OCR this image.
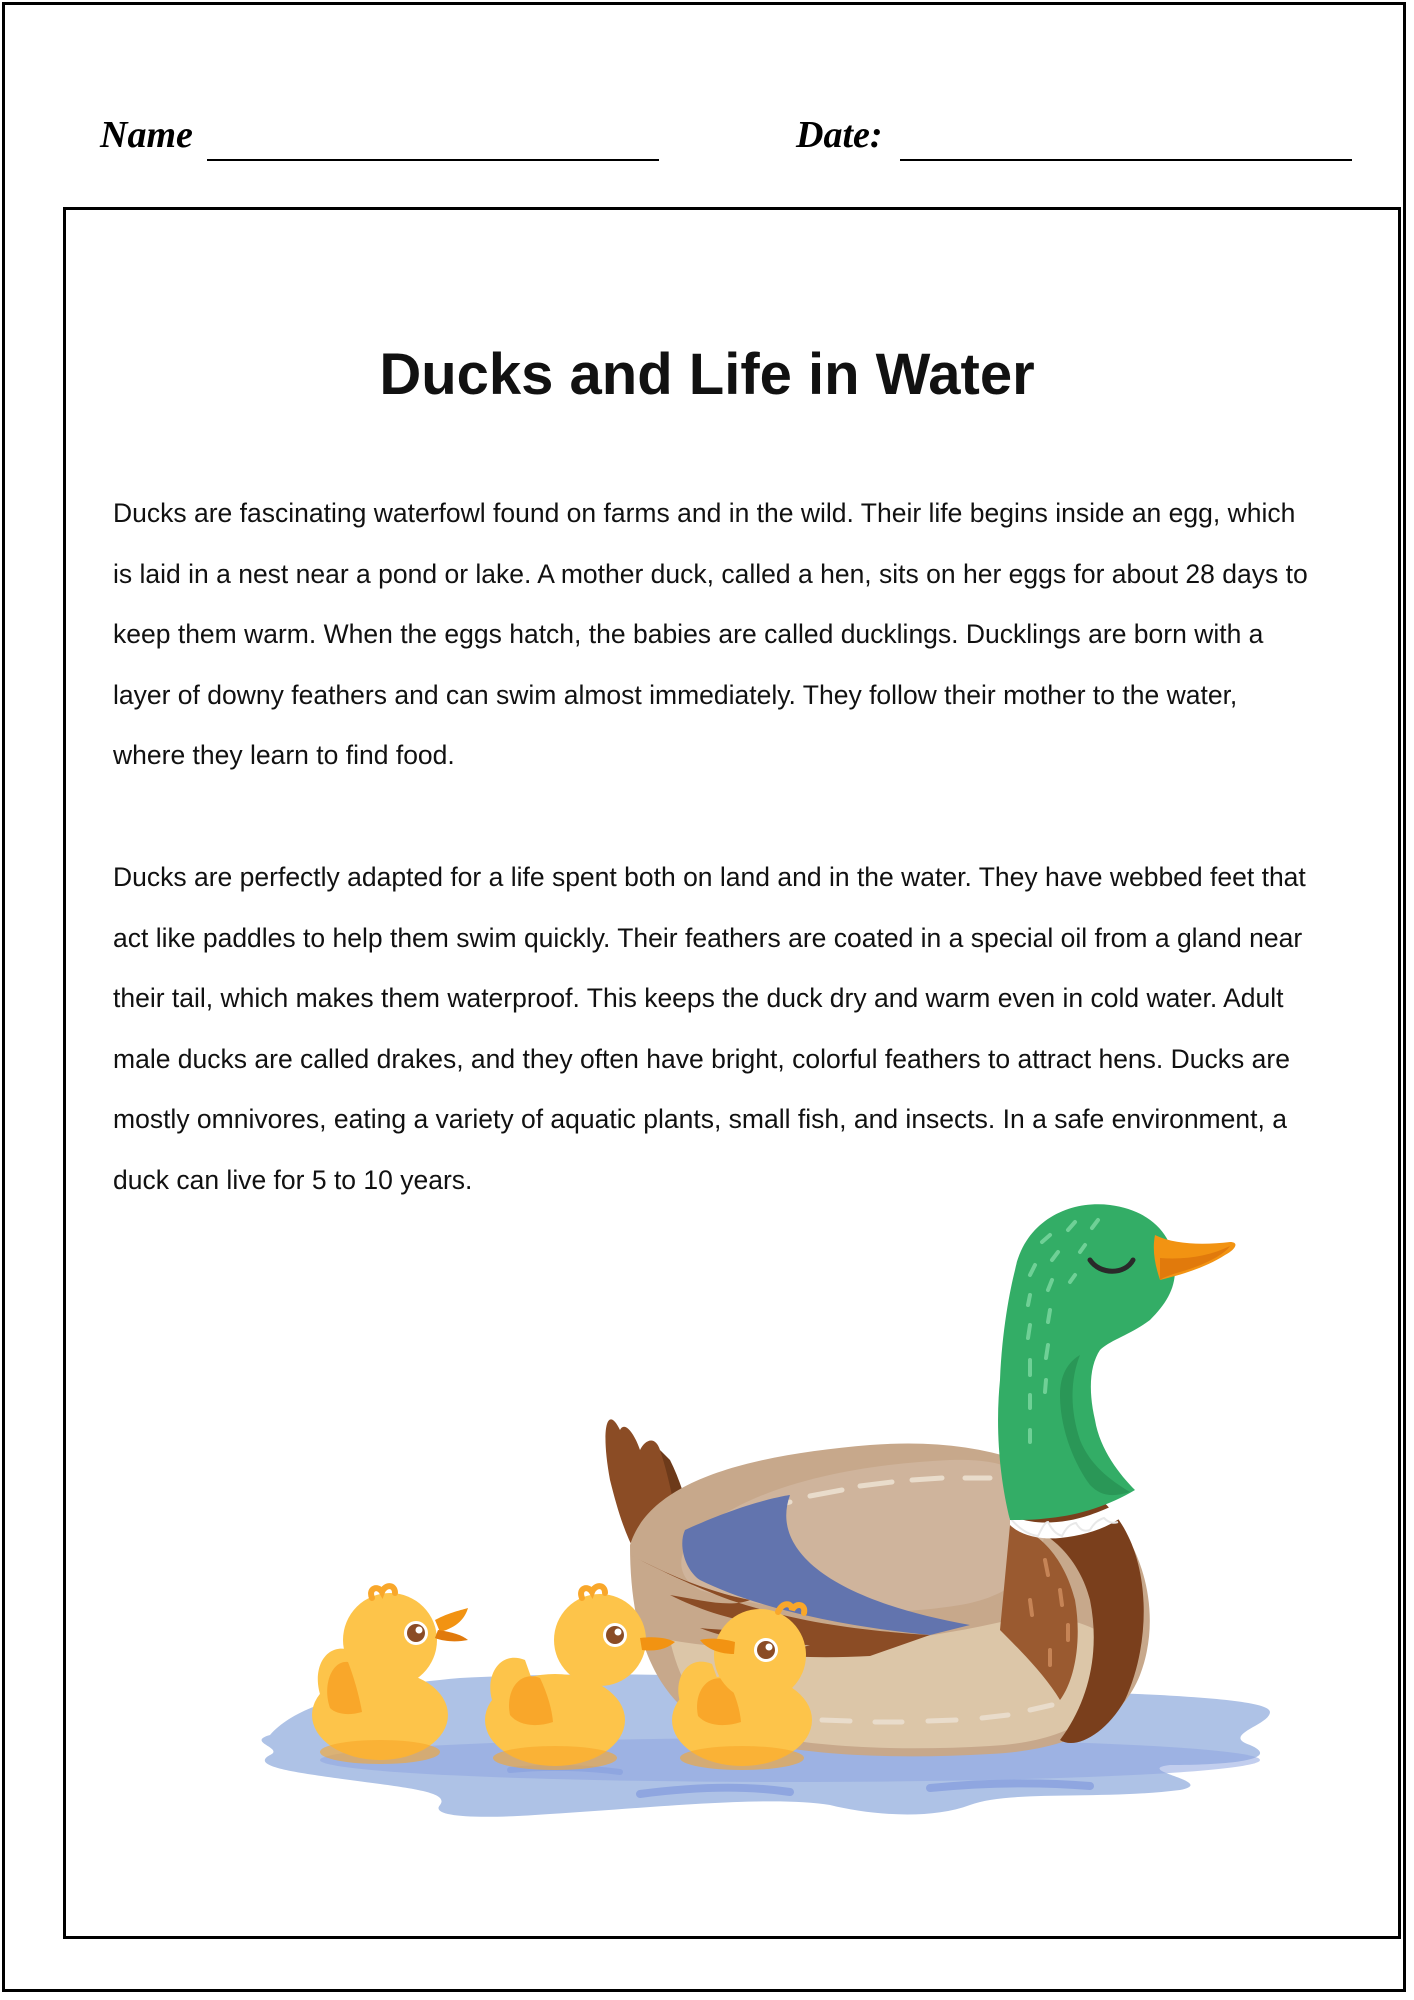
Name	Date:
Ducks and Life in Water

Ducks are fascinating waterfowl found on farms and in the wild. Their life begins inside an egg, which is laid in a nest near a pond or lake. A mother duck, called a hen, sits on her eggs for about 28 days to keep them warm. When the eggs hatch, the babies are called ducklings. Ducklings are born with a layer of downy feathers and can swim almost immediately. They follow their mother to the water, where they learn to find food.

Ducks are perfectly adapted for a life spent both on land and in the water. They have webbed feet that act like paddles to help them swim quickly. Their feathers are coated in a special oil from a gland near their tail, which makes them waterproof. This keeps the duck dry and warm even in cold water. Adult male ducks are called drakes, and they often have bright, colorful feathers to attract hens. Ducks are mostly omnivores, eating a variety of aquatic plants, small fish, and insects. In a safe environment, a duck can live for 5 to 10 years.
